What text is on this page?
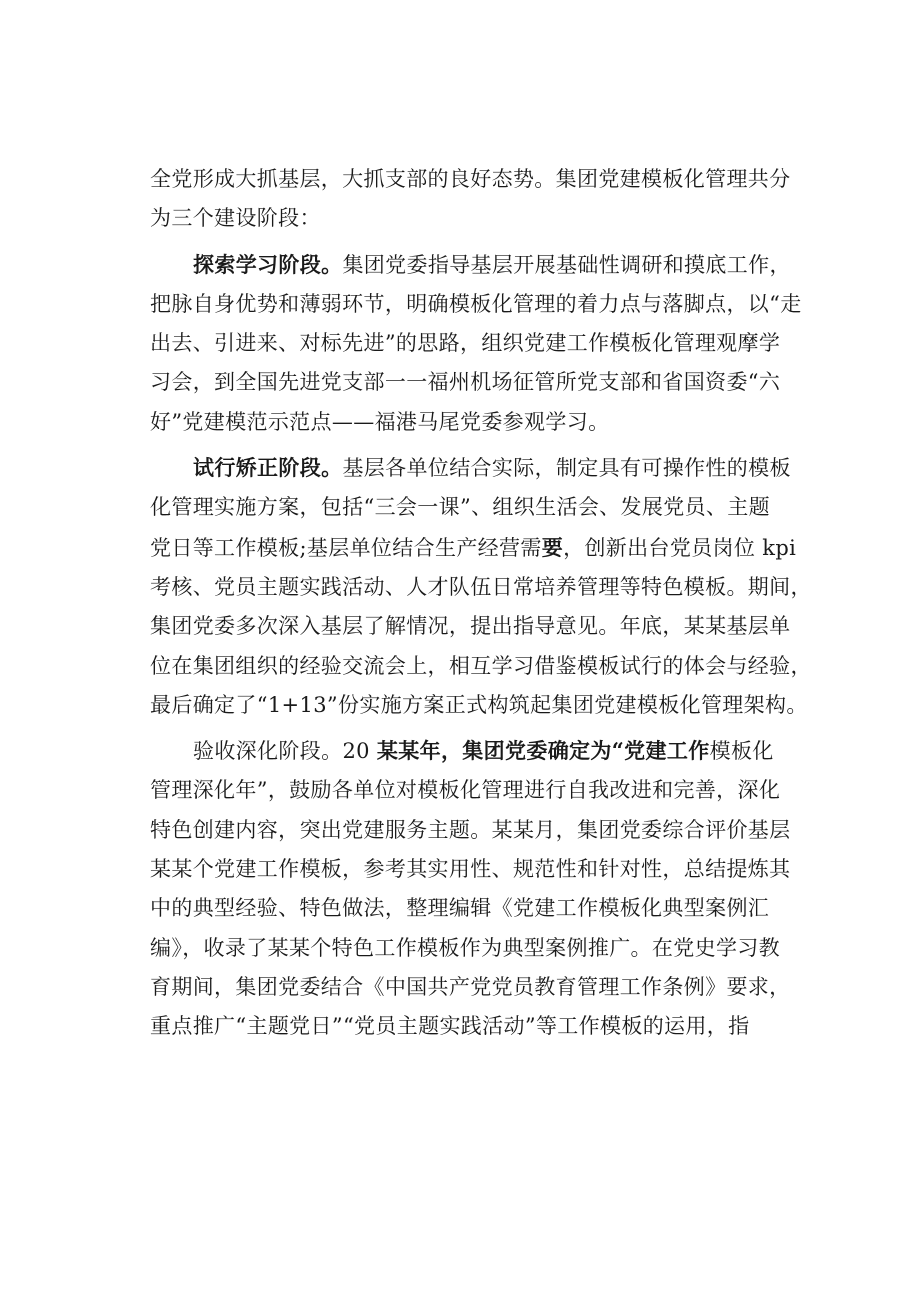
全党形成大抓基层，大抓支部的良好态势。集团党建模板化管理共分
为三个建设阶段：

探索学习阶段。集团党委指导基层开展基础性调研和摸底工作，
把脉自身优势和薄弱环节，明确模板化管理的着力点与落脚点，以“走
出去、引进来、对标先进”的思路，组织党建工作模板化管理观摩学
习会，到全国先进党支部一一福州机场征管所党支部和省国资委“六
好”党建模范示范点——福港马尾党委参观学习。

试行矫正阶段。基层各单位结合实际，制定具有可操作性的模板
化管理实施方案，包括“三会一课”、组织生活会、发展党员、主题
党日等工作模板;基层单位结合生产经营需要，创新出台党员岗位 kpi
考核、党员主题实践活动、人才队伍日常培养管理等特色模板。期间，
集团党委多次深入基层了解情况，提出指导意见。年底，某某基层单
位在集团组织的经验交流会上，相互学习借鉴模板试行的体会与经验，
最后确定了“1+13”份实施方案正式构筑起集团党建模板化管理架构。

验收深化阶段。20 某某年，集团党委确定为“党建工作模板化
管理深化年”，鼓励各单位对模板化管理进行自我改进和完善，深化
特色创建内容，突出党建服务主题。某某月，集团党委综合评价基层
某某个党建工作模板，参考其实用性、规范性和针对性，总结提炼其
中的典型经验、特色做法，整理编辑《党建工作模板化典型案例汇
编》，收录了某某个特色工作模板作为典型案例推广。在党史学习教
育期间，集团党委结合《中国共产党党员教育管理工作条例》要求，
重点推广“主题党日”“党员主题实践活动”等工作模板的运用，指
